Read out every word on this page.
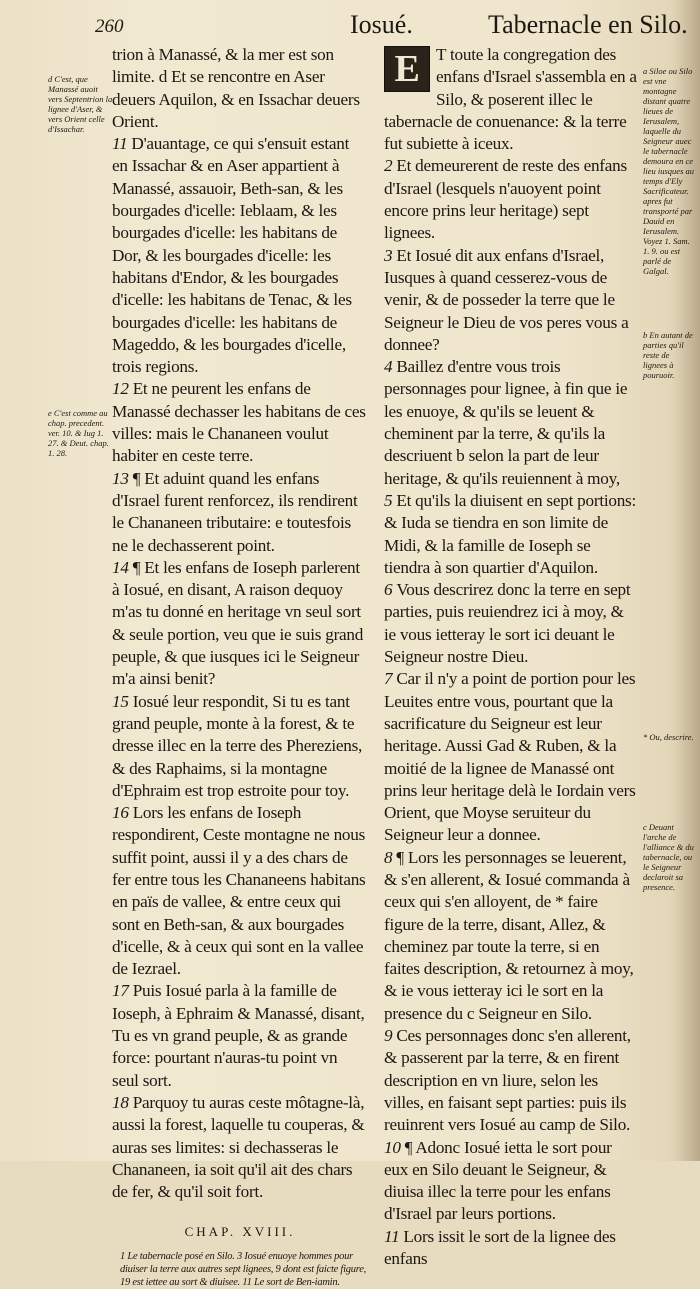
260	Iosué.	Tabernacle en Silo.
d C'est, que Manassé auoit vers Septentrion la lignee d'Aser, & vers Orient celle d'Issachar.
e C'est comme au chap. precedent. ver. 10. & Iug 1. 27. & Deut. chap. 1. 28.
a Siloe ou Silo est vne montagne distant quatre lieues de Ierusalem, laquelle du Seigneur auec le tabernacle demoura en ce lieu iusques au temps d'Ely Sacrificateur. apres fut transporté par Dauid en Ierusalem. Voyez 1. Sam. 1. 9. ou est parlé de Galgal.
b En autant de parties qu'il reste de lignees à pouruoir.
* Ou, descrire.
c Deuant l'arche de l'alliance & du tabernacle, ou le Seigneur declaroit sa presence.

trion à Manassé, & la mer est son limite. d Et se rencontre en Aser deuers Aquilon, & en Issachar deuers Orient.

11 D'auantage, ce qui s'ensuit estant en Issachar & en Aser appartient à Manassé, assauoir, Beth-san, & les bourgades d'icelle: Ieblaam, & les bourgades d'icelle: les habitans de Dor, & les bourgades d'icelle: les habitans d'Endor, & les bourgades d'icelle: les habitans de Tenac, & les bourgades d'icelle: les habitans de Mageddo, & les bourgades d'icelle, trois regions.

12 Et ne peurent les enfans de Manassé dechasser les habitans de ces villes: mais le Chananeen voulut habiter en ceste terre.

13 ¶ Et aduint quand les enfans d'Israel furent renforcez, ils rendirent le Chananeen tributaire: e toutesfois ne le dechasserent point.

14 ¶ Et les enfans de Ioseph parlerent à Iosué, en disant, A raison dequoy m'as tu donné en heritage vn seul sort & seule portion, veu que ie suis grand peuple, & que iusques ici le Seigneur m'a ainsi benit?

15 Iosué leur respondit, Si tu es tant grand peuple, monte à la forest, & te dresse illec en la terre des Phereziens, & des Raphaims, si la montagne d'Ephraim est trop estroite pour toy.

16 Lors les enfans de Ioseph respondirent, Ceste montagne ne nous suffit point, aussi il y a des chars de fer entre tous les Chananeens habitans en païs de vallee, & entre ceux qui sont en Beth-san, & aux bourgades d'icelle, & à ceux qui sont en la vallee de Iezrael.

17 Puis Iosué parla à la famille de Ioseph, à Ephraim & Manassé, disant, Tu es vn grand peuple, & as grande force: pourtant n'auras-tu point vn seul sort.

18 Parquoy tu auras ceste môtagne-là, aussi la forest, laquelle tu couperas, & auras ses limites: si dechasseras le Chananeen, ia soit qu'il ait des chars de fer, & qu'il soit fort.

CHAP. XVIII.

1 Le tabernacle posé en Silo. 3 Iosué enuoye hommes pour diuiser la terre aux autres sept lignees, 9 dont est faicte figure, 19 est iettee au sort & diuisee. 11 Le sort de Ben-iamin.

E T toute la congregation des enfans d'Israel s'assembla en a Silo, & poserent illec le tabernacle de conuenance: & la terre fut subiette à iceux.

2 Et demeurerent de reste des enfans d'Israel (lesquels n'auoyent point encore prins leur heritage) sept lignees.

3 Et Iosué dit aux enfans d'Israel, Iusques à quand cesserez-vous de venir, & de posseder la terre que le Seigneur le Dieu de vos peres vous a donnee?

4 Baillez d'entre vous trois personnages pour lignee, à fin que ie les enuoye, & qu'ils se leuent & cheminent par la terre, & qu'ils la descriuent b selon la part de leur heritage, & qu'ils reuiennent à moy,

5 Et qu'ils la diuisent en sept portions: & Iuda se tiendra en son limite de Midi, & la famille de Ioseph se tiendra à son quartier d'Aquilon.

6 Vous descrirez donc la terre en sept parties, puis reuiendrez ici à moy, & ie vous ietteray le sort ici deuant le Seigneur nostre Dieu.

7 Car il n'y a point de portion pour les Leuites entre vous, pourtant que la sacrificature du Seigneur est leur heritage. Aussi Gad & Ruben, & la moitié de la lignee de Manassé ont prins leur heritage delà le Iordain vers Orient, que Moyse seruiteur du Seigneur leur a donnee.

8 ¶ Lors les personnages se leuerent, & s'en allerent, & Iosué commanda à ceux qui s'en alloyent, de * faire figure de la terre, disant, Allez, & cheminez par toute la terre, si en faites description, & retournez à moy, & ie vous ietteray ici le sort en la presence du c Seigneur en Silo.

9 Ces personnages donc s'en allerent, & passerent par la terre, & en firent description en vn liure, selon les villes, en faisant sept parties: puis ils reuinrent vers Iosué au camp de Silo.

10 ¶ Adonc Iosué ietta le sort pour eux en Silo deuant le Seigneur, & diuisa illec la terre pour les enfans d'Israel par leurs portions.

11 Lors issit le sort de la lignee des enfans
